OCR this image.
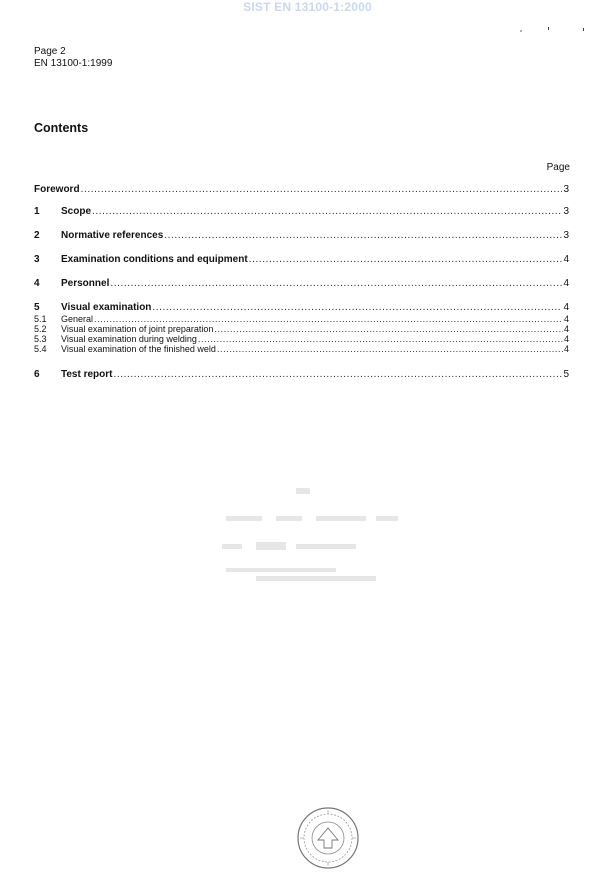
SIST EN 13100-1:2000
Page 2
EN 13100-1:1999
Contents
Page
Foreword .....	3
1	Scope .....	3
2	Normative references .....	3
3	Examination conditions and equipment .....	4
4	Personnel .....	4
5	Visual examination .....	4
5.1	General .....	4
5.2	Visual examination of joint preparation .....	4
5.3	Visual examination during welding .....	4
5.4	Visual examination of the finished weld .....	4
6	Test report .....	5
